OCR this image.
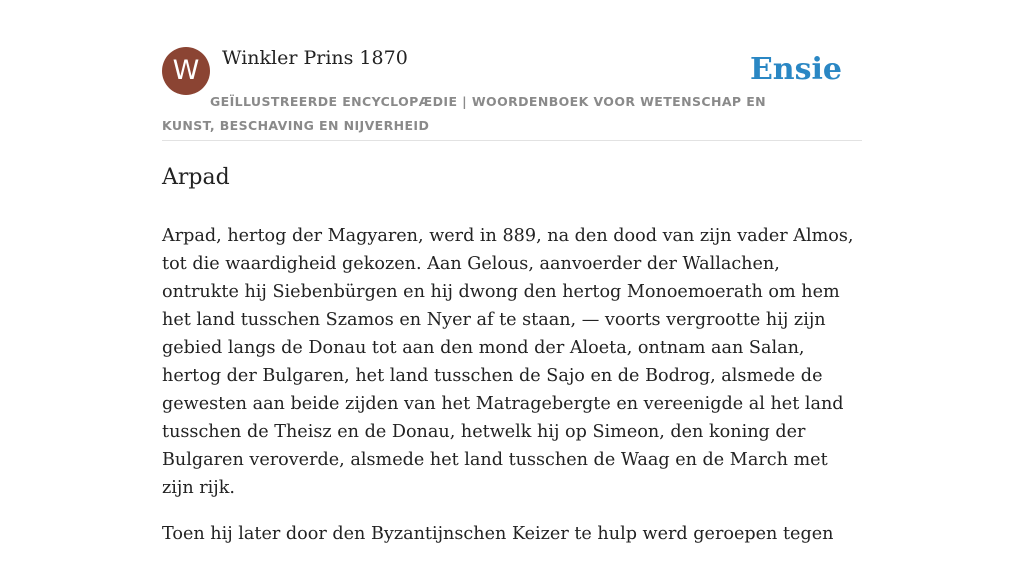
W	Winkler Prins 1870	Ensie
GEÏLLUSTREERDE ENCYCLOPÆDIE | WOORDENBOEK VOOR WETENSCHAP EN KUNST, BESCHAVING EN NIJVERHEID
Arpad

Arpad, hertog der Magyaren, werd in 889, na den dood van zijn vader Almos, tot die waardigheid gekozen. Aan Gelous, aanvoerder der Wallachen, ontrukte hij Siebenbürgen en hij dwong den hertog Monoemoerath om hem het land tusschen Szamos en Nyer af te staan, — voorts vergrootte hij zijn gebied langs de Donau tot aan den mond der Aloeta, ontnam aan Salan, hertog der Bulgaren, het land tusschen de Sajo en de Bodrog, alsmede de gewesten aan beide zijden van het Matragebergte en vereenigde al het land tusschen de Theisz en de Donau, hetwelk hij op Simeon, den koning der Bulgaren veroverde, alsmede het land tusschen de Waag en de March met zijn rijk.

Toen hij later door den Byzantijnschen Keizer te hulp werd geroepen tegen
